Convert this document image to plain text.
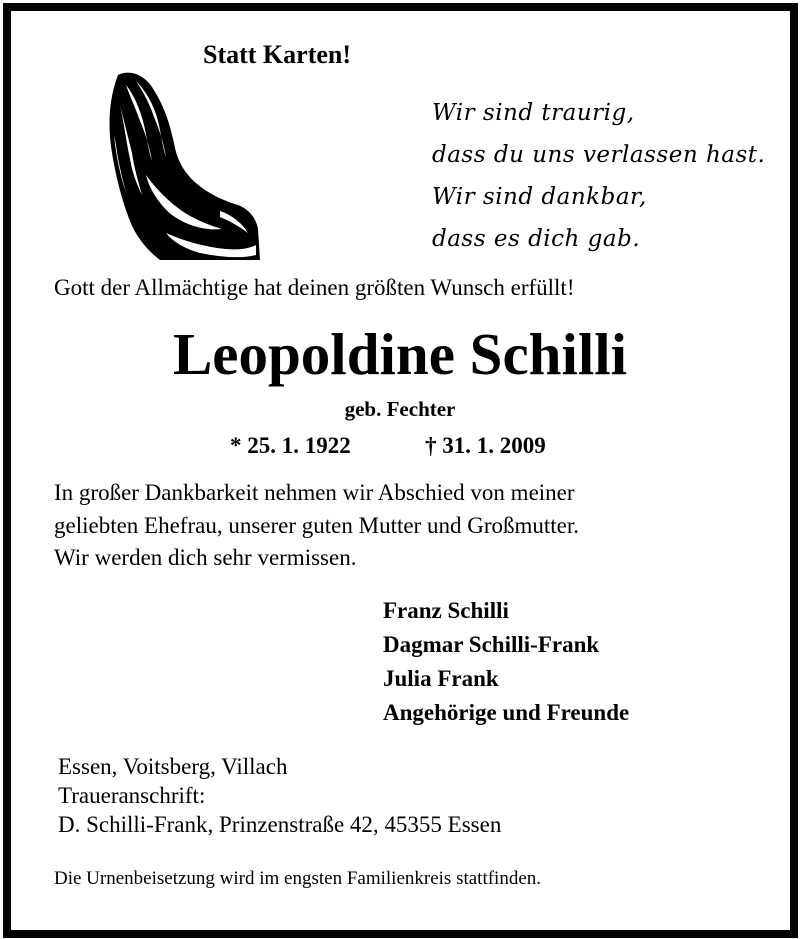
Statt Karten!
Wir sind traurig,
dass du uns verlassen hast.
Wir sind dankbar,
dass es dich gab.
Gott der Allmächtige hat deinen größten Wunsch erfüllt!
Leopoldine Schilli
geb. Fechter
* 25. 1. 1922	† 31. 1. 2009
In großer Dankbarkeit nehmen wir Abschied von meiner
geliebten Ehefrau, unserer guten Mutter und Großmutter.
Wir werden dich sehr vermissen.
Franz Schilli
Dagmar Schilli-Frank
Julia Frank
Angehörige und Freunde
Essen, Voitsberg, Villach
Traueranschrift:
D. Schilli-Frank, Prinzenstraße 42, 45355 Essen
Die Urnenbeisetzung wird im engsten Familienkreis stattfinden.
